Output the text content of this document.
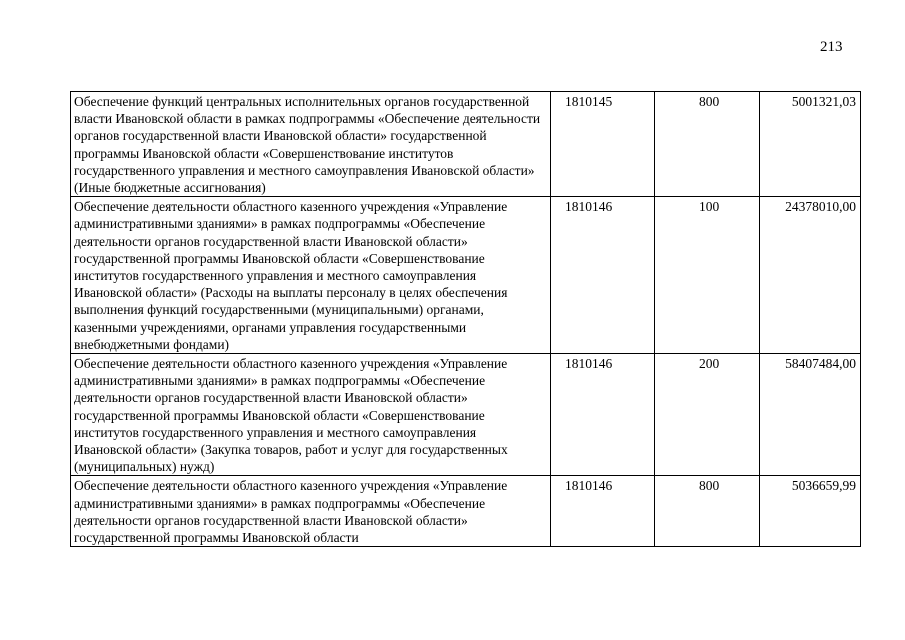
213
Обеспечение функций центральных исполнительных органов государственной власти Ивановской области в рамках подпрограммы «Обеспечение деятельности органов государственной власти Ивановской области» государственной программы Ивановской области «Совершенствование институтов государственного управления и местного самоуправления Ивановской области» (Иные бюджетные ассигнования)	1810145	800	5001321,03
Обеспечение деятельности областного казенного учреждения «Управление административными зданиями» в рамках подпрограммы «Обеспечение деятельности органов государственной власти Ивановской области» государственной программы Ивановской области «Совершенствование институтов государственного управления и местного самоуправления Ивановской области» (Расходы на выплаты персоналу в целях обеспечения выполнения функций государственными (муниципальными) органами, казенными учреждениями, органами управления государственными внебюджетными фондами)	1810146	100	24378010,00
Обеспечение деятельности областного казенного учреждения «Управление административными зданиями» в рамках подпрограммы «Обеспечение деятельности органов государственной власти Ивановской области» государственной программы Ивановской области «Совершенствование институтов государственного управления и местного самоуправления Ивановской области» (Закупка товаров, работ и услуг для государственных (муниципальных) нужд)	1810146	200	58407484,00
Обеспечение деятельности областного казенного учреждения «Управление административными зданиями» в рамках подпрограммы «Обеспечение деятельности органов государственной власти Ивановской области» государственной программы Ивановской области	1810146	800	5036659,99
